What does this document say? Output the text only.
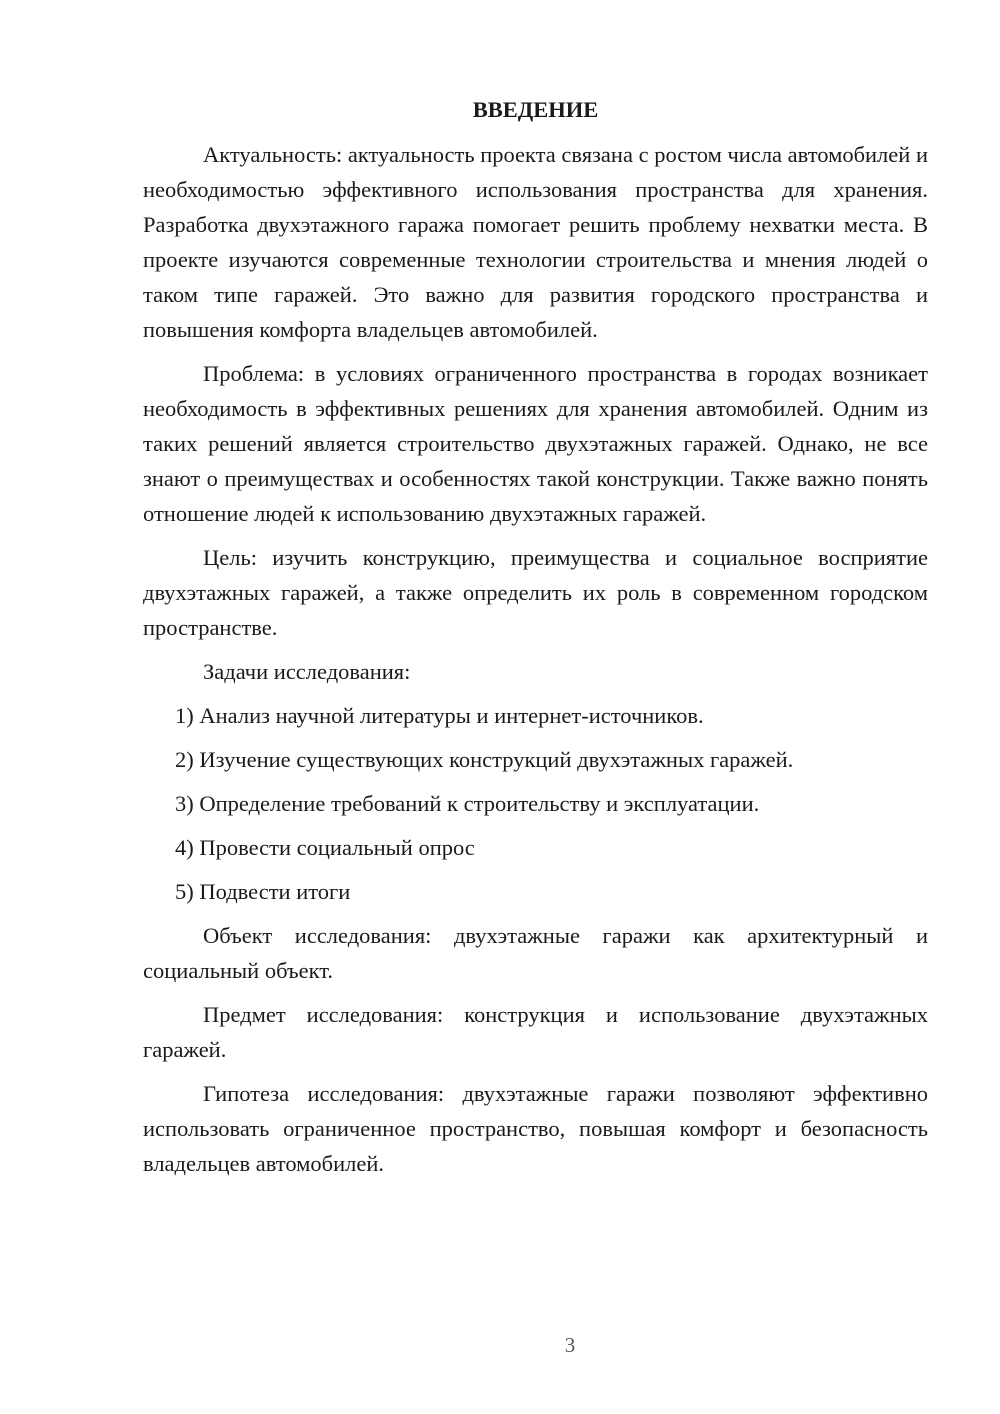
ВВЕДЕНИЕ

Актуальность: актуальность проекта связана с ростом числа автомобилей и необходимостью эффективного использования пространства для хранения. Разработка двухэтажного гаража помогает решить проблему нехватки места. В проекте изучаются современные технологии строительства и мнения людей о таком типе гаражей. Это важно для развития городского пространства и повышения комфорта владельцев автомобилей.

Проблема: в условиях ограниченного пространства в городах возникает необходимость в эффективных решениях для хранения автомобилей. Одним из таких решений является строительство двухэтажных гаражей. Однако, не все знают о преимуществах и особенностях такой конструкции. Также важно понять отношение людей к использованию двухэтажных гаражей.

Цель: изучить конструкцию, преимущества и социальное восприятие двухэтажных гаражей, а также определить их роль в современном городском пространстве.

Задачи исследования:

1) Анализ научной литературы и интернет-источников.

2) Изучение существующих конструкций двухэтажных гаражей.

3) Определение требований к строительству и эксплуатации.

4) Провести социальный опрос

5) Подвести итоги

Объект исследования: двухэтажные гаражи как архитектурный и социальный объект.

Предмет исследования: конструкция и использование двухэтажных гаражей.

Гипотеза исследования: двухэтажные гаражи позволяют эффективно использовать ограниченное пространство, повышая комфорт и безопасность владельцев автомобилей.

3
